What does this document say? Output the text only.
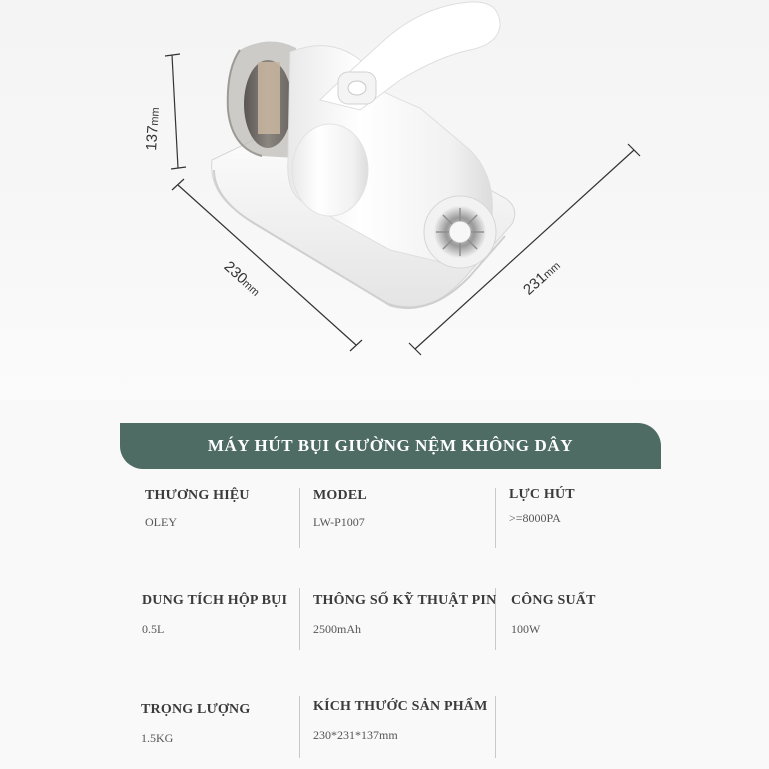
137mm
230mm	231mm
MÁY HÚT BỤI GIƯỜNG NỆM KHÔNG DÂY
THƯƠNG HIỆU
OLEY
MODEL
LW-P1007
LỰC HÚT
>=8000PA
DUNG TÍCH HỘP BỤI
0.5L
THÔNG SỐ KỸ THUẬT PIN
2500mAh
CÔNG SUẤT
100W
TRỌNG LƯỢNG
1.5KG
KÍCH THƯỚC SẢN PHẨM
230*231*137mm
